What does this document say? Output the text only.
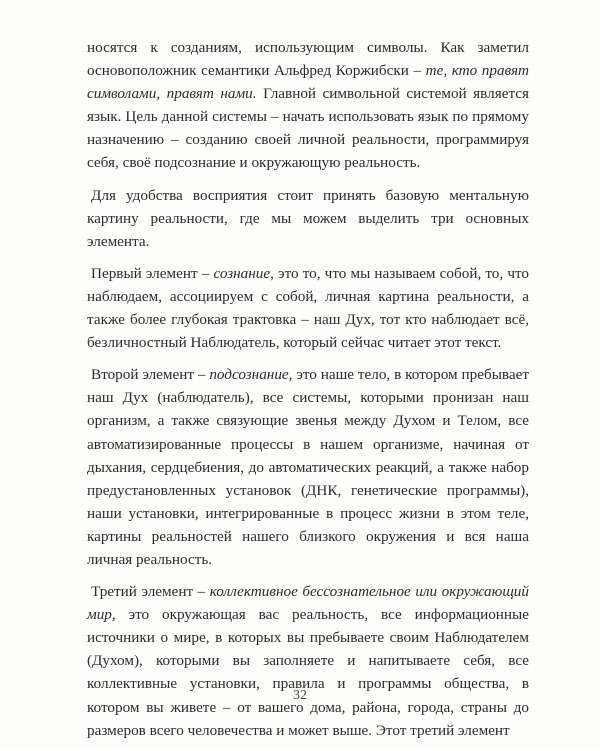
носятся к созданиям, использующим символы. Как заметил основоположник семантики Альфред Коржибски – те, кто правят символами, правят нами. Главной символьной системой является язык. Цель данной системы – начать использовать язык по прямому назначению – созданию своей личной реальности, программируя себя, своё подсознание и окружающую реальность.

Для удобства восприятия стоит принять базовую ментальную картину реальности, где мы можем выделить три основных элемента.

Первый элемент – сознание, это то, что мы называем собой, то, что наблюдаем, ассоциируем с собой, личная картина реальности, а также более глубокая трактовка – наш Дух, тот кто наблюдает всё, безличностный Наблюдатель, который сейчас читает этот текст.

Второй элемент – подсознание, это наше тело, в котором пребывает наш Дух (наблюдатель), все системы, которыми пронизан наш организм, а также связующие звенья между Духом и Телом, все автоматизированные процессы в нашем организме, начиная от дыхания, сердцебиения, до автоматических реакций, а также набор предустановленных установок (ДНК, генетические программы), наши установки, интегрированные в процесс жизни в этом теле, картины реальностей нашего близкого окружения и вся наша личная реальность.

Третий элемент – коллективное бессознательное или окружающий мир, это окружающая вас реальность, все информационные источники о мире, в которых вы пребываете своим Наблюдателем (Духом), которыми вы заполняете и напитываете себя, все коллективные установки, правила и программы общества, в котором вы живете – от вашего дома, района, города, страны до размеров всего человечества и может выше. Этот третий элемент

32
